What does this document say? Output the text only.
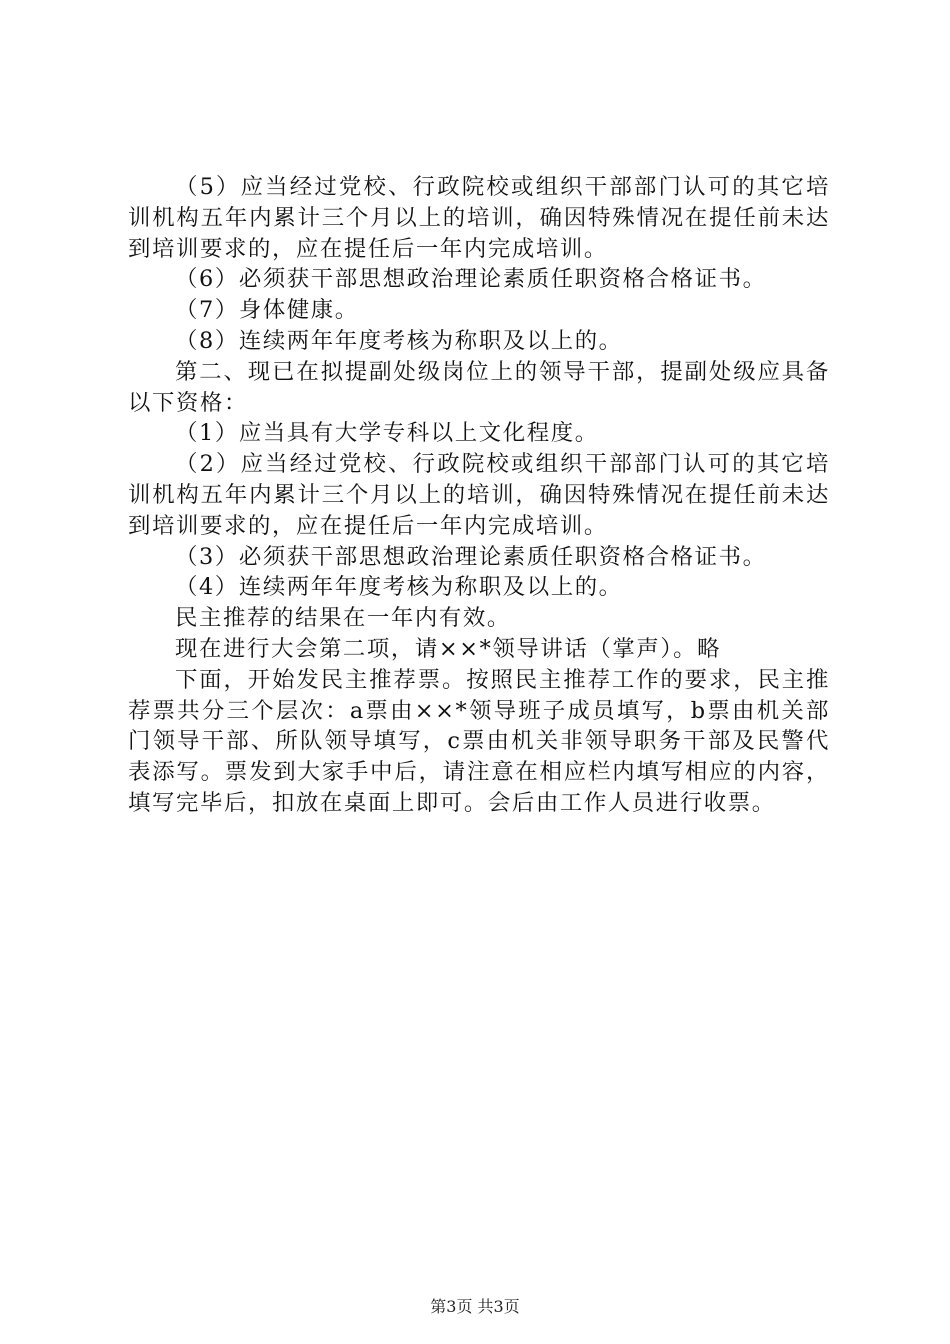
（5）应当经过党校、行政院校或组织干部部门认可的其它培训机构五年内累计三个月以上的培训，确因特殊情况在提任前未达到培训要求的，应在提任后一年内完成培训。

（6）必须获干部思想政治理论素质任职资格合格证书。

（7）身体健康。

（8）连续两年年度考核为称职及以上的。

第二、现已在拟提副处级岗位上的领导干部，提副处级应具备以下资格：

（1）应当具有大学专科以上文化程度。

（2）应当经过党校、行政院校或组织干部部门认可的其它培训机构五年内累计三个月以上的培训，确因特殊情况在提任前未达到培训要求的，应在提任后一年内完成培训。

（3）必须获干部思想政治理论素质任职资格合格证书。

（4）连续两年年度考核为称职及以上的。

民主推荐的结果在一年内有效。

现在进行大会第二项，请××*领导讲话（掌声）。略

下面，开始发民主推荐票。按照民主推荐工作的要求，民主推荐票共分三个层次：a票由××*领导班子成员填写，b票由机关部门领导干部、所队领导填写，c票由机关非领导职务干部及民警代表添写。票发到大家手中后，请注意在相应栏内填写相应的内容，填写完毕后，扣放在桌面上即可。会后由工作人员进行收票。

第3页 共3页
